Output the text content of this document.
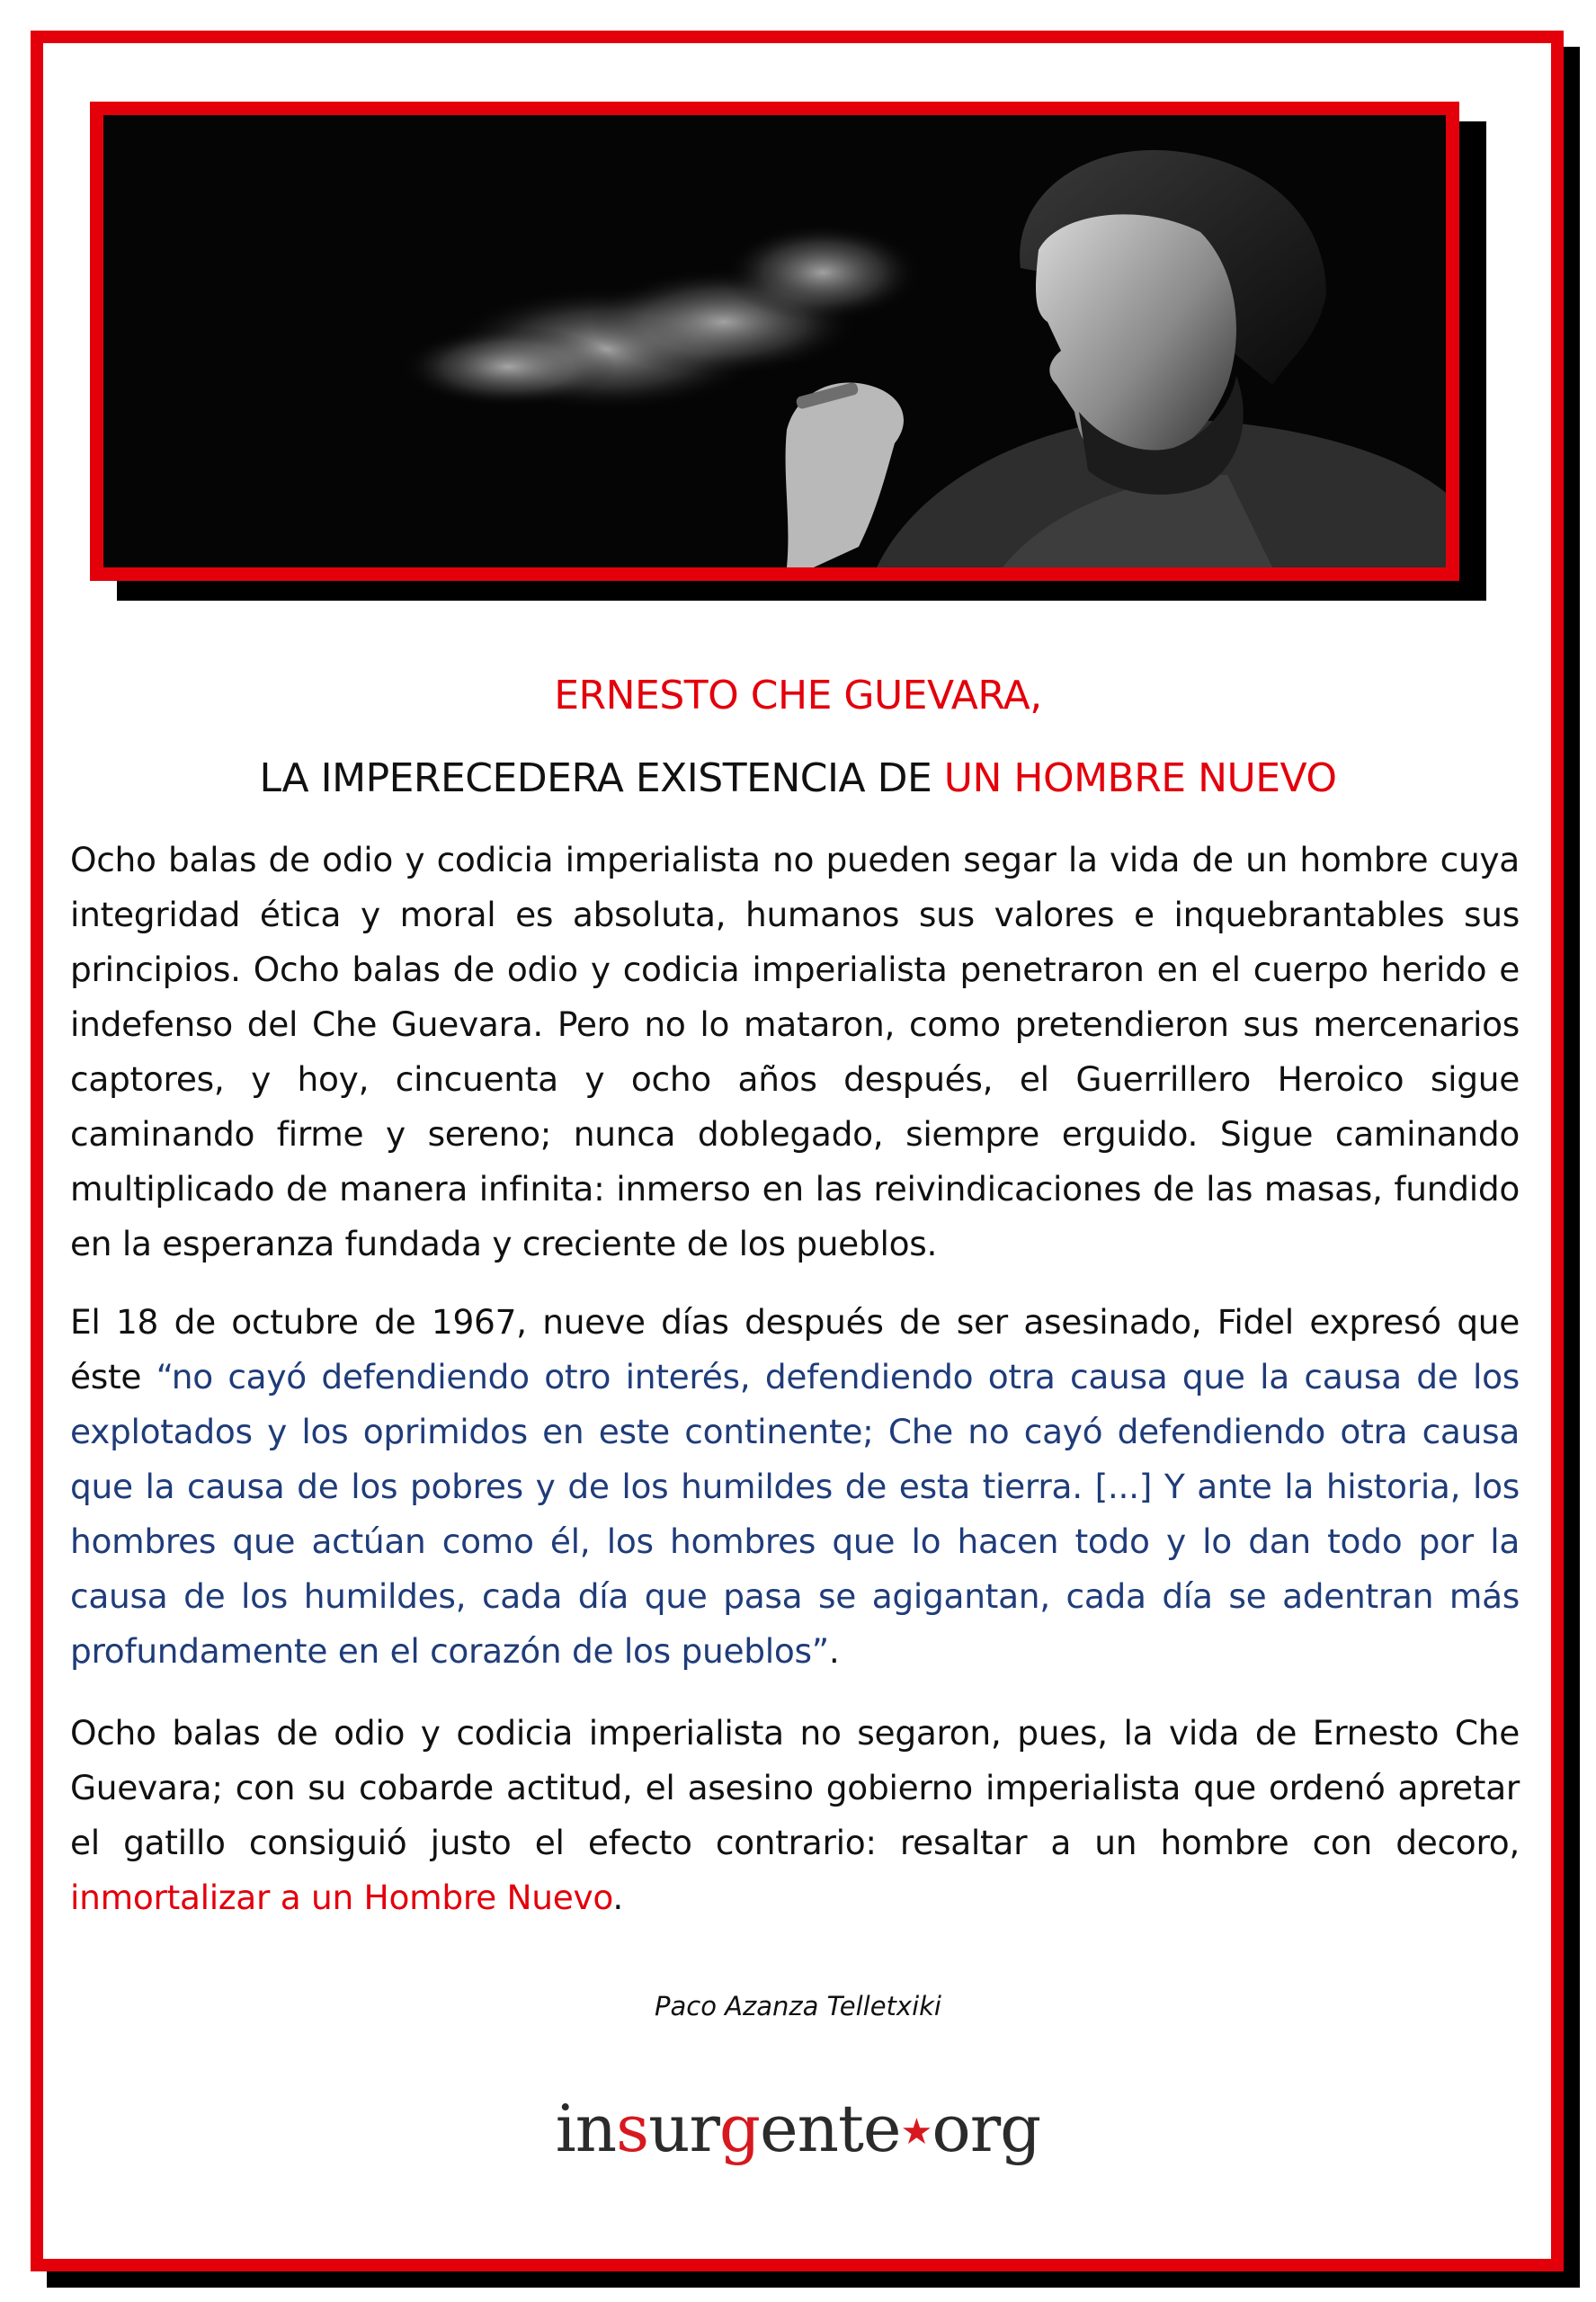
ERNESTO CHE GUEVARA,
LA IMPERECEDERA EXISTENCIA DE UN HOMBRE NUEVO
Ocho balas de odio y codicia imperialista no pueden segar la vida de un hombre cuya integridad ética y moral es absoluta, humanos sus valores e inquebrantables sus principios. Ocho balas de odio y codicia imperialista penetraron en el cuerpo herido e indefenso del Che Guevara. Pero no lo mataron, como pretendieron sus mercenarios captores, y hoy, cincuenta y ocho años después, el Guerrillero Heroico sigue caminando firme y sereno; nunca doblegado, siempre erguido. Sigue caminando multiplicado de manera infinita: inmerso en las reivindicaciones de las masas, fundido en la esperanza fundada y creciente de los pueblos.
El 18 de octubre de 1967, nueve días después de ser asesinado, Fidel expresó que éste “no cayó defendiendo otro interés, defendiendo otra causa que la causa de los explotados y los oprimidos en este continente; Che no cayó defendiendo otra causa que la causa de los pobres y de los humildes de esta tierra. [...] Y ante la historia, los hombres que actúan como él, los hombres que lo hacen todo y lo dan todo por la causa de los humildes, cada día que pasa se agigantan, cada día se adentran más profundamente en el corazón de los pueblos”.
Ocho balas de odio y codicia imperialista no segaron, pues, la vida de Ernesto Che Guevara; con su cobarde actitud, el asesino gobierno imperialista que ordenó apretar el gatillo consiguió justo el efecto contrario: resaltar a un hombre con decoro, inmortalizar a un Hombre Nuevo.
Paco Azanza Telletxiki
insurgente★org
